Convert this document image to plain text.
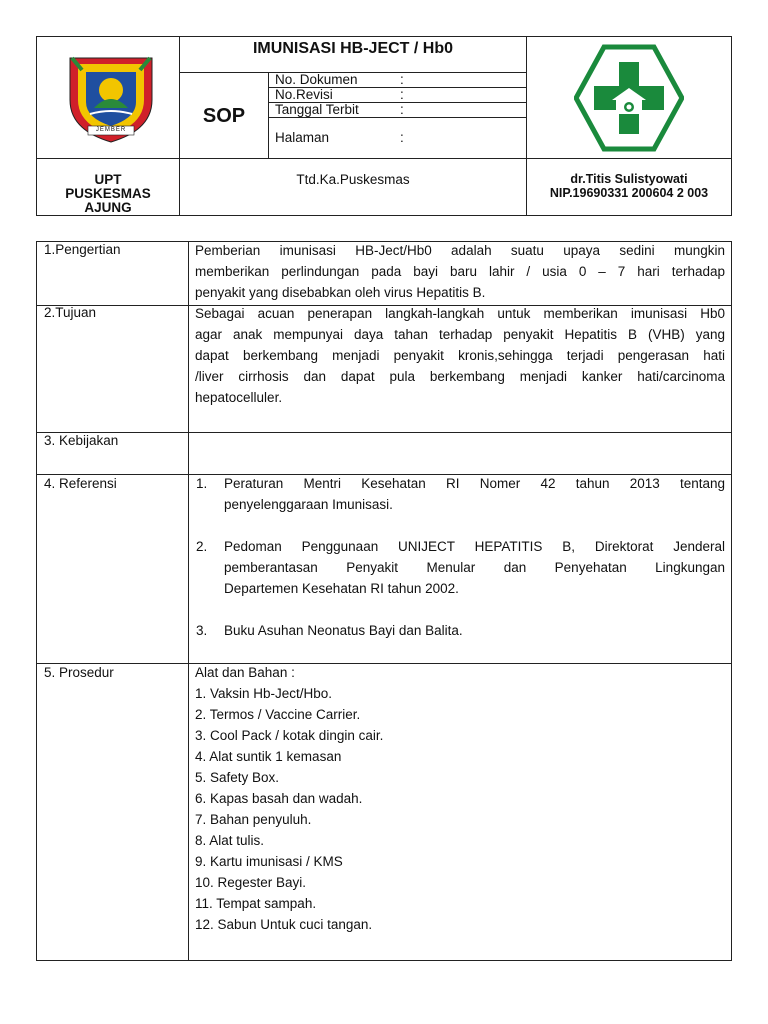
JEMBER
IMUNISASI HB-JECT / Hb0
SOP
No. Dokumen	:
No.Revisi	:
Tanggal Terbit	:
Halaman	:
UPT
PUSKESMAS
AJUNG
Ttd.Ka.Puskesmas	dr.Titis Sulistyowati
NIP.19690331 200604 2 003
1.Pengertian	Pemberian imunisasi HB-Ject/Hb0 adalah suatu upaya sedini mungkin
memberikan perlindungan pada bayi baru lahir / usia 0 – 7 hari terhadap
penyakit yang disebabkan oleh virus Hepatitis B.
2.Tujuan	Sebagai acuan penerapan langkah-langkah untuk memberikan imunisasi Hb0
agar anak mempunyai daya tahan terhadap penyakit Hepatitis B (VHB) yang
dapat berkembang menjadi penyakit kronis,sehingga terjadi pengerasan hati
/liver cirrhosis dan dapat pula berkembang menjadi kanker hati/carcinoma
hepatocelluler.
3. Kebijakan
4. Referensi	1. Peraturan Mentri Kesehatan RI Nomer 42 tahun 2013 tentang
penyelenggaraan Imunisasi.
2. Pedoman Penggunaan UNIJECT HEPATITIS B, Direktorat Jenderal
pemberantasan Penyakit Menular dan Penyehatan Lingkungan
Departemen Kesehatan RI tahun 2002.
3. Buku Asuhan Neonatus Bayi dan Balita.
5. Prosedur	Alat dan Bahan :
1. Vaksin Hb-Ject/Hbo.
2. Termos / Vaccine Carrier.
3. Cool Pack / kotak dingin cair.
4. Alat suntik 1 kemasan
5. Safety Box.
6. Kapas basah dan wadah.
7. Bahan penyuluh.
8. Alat tulis.
9. Kartu imunisasi / KMS
10. Regester Bayi.
11. Tempat sampah.
12. Sabun Untuk cuci tangan.
